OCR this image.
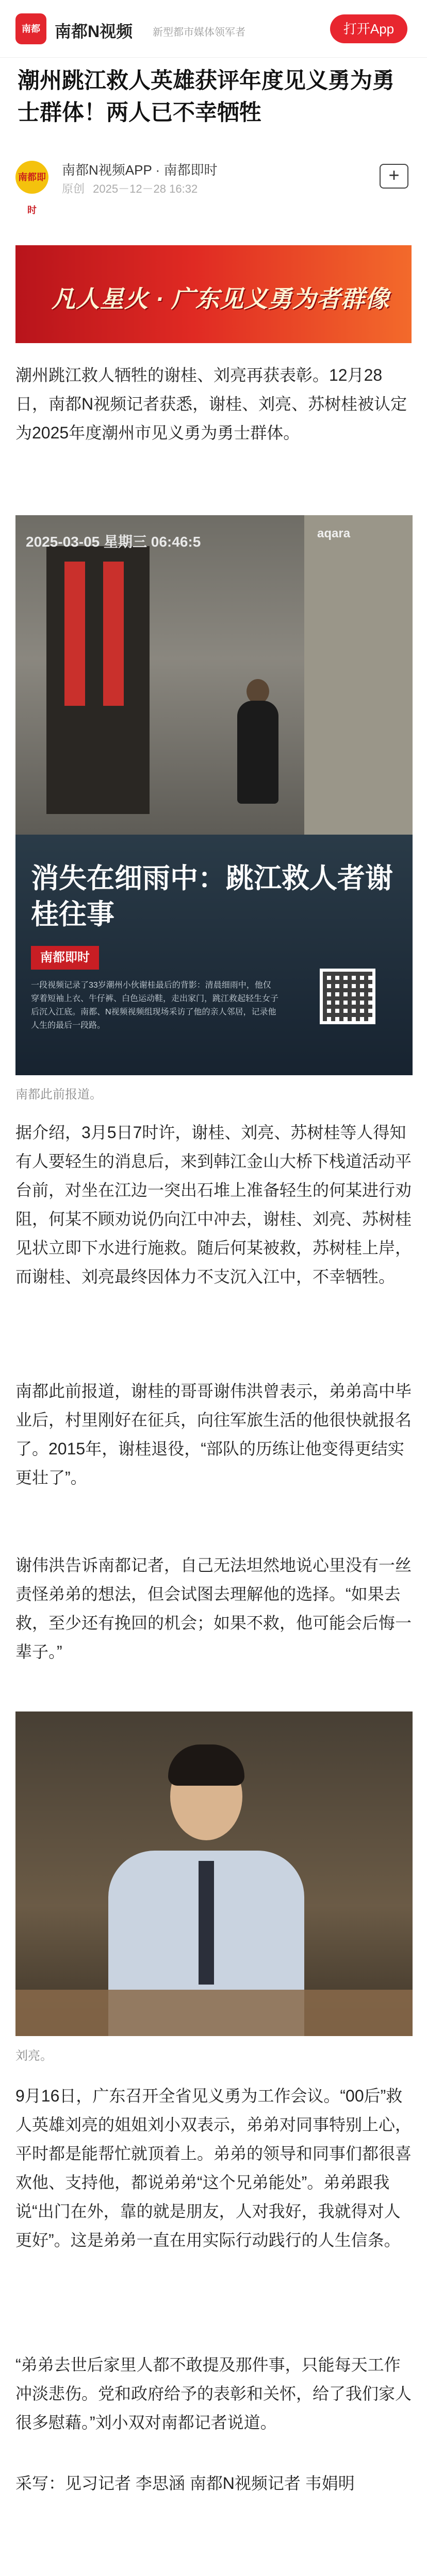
南都 南都N视频 新型都市媒体领军者	打开App
潮州跳江救人英雄获评年度见义勇为勇士群体！两人已不幸牺牲
南都即时
南都N视频APP · 南都即时
原创 2025－12－28 16:32
+
凡人星火 · 广东见义勇为者群像

潮州跳江救人牺牲的谢桂、刘亮再获表彰。12月28日，南都N视频记者获悉，谢桂、刘亮、苏树桂被认定为2025年度潮州市见义勇为勇士群体。

2025-03-05 星期三 06:46:5
aqara
消失在细雨中：跳江救人者谢桂往事
南都即时

一段视频记录了33岁潮州小伙谢桂最后的背影：清晨细雨中，他仅穿着短袖上衣、牛仔裤、白色运动鞋，走出家门，跳江救起轻生女子后沉入江底。南都、N视频视频组现场采访了他的亲人邻居，记录他人生的最后一段路。

南都此前报道。

据介绍，3月5日7时许，谢桂、刘亮、苏树桂等人得知有人要轻生的消息后，来到韩江金山大桥下栈道活动平台前，对坐在江边一突出石堆上准备轻生的何某进行劝阻，何某不顾劝说仍向江中冲去，谢桂、刘亮、苏树桂见状立即下水进行施救。随后何某被救，苏树桂上岸，而谢桂、刘亮最终因体力不支沉入江中，不幸牺牲。

南都此前报道，谢桂的哥哥谢伟洪曾表示，弟弟高中毕业后，村里刚好在征兵，向往军旅生活的他很快就报名了。2015年，谢桂退役，“部队的历练让他变得更结实更壮了”。

谢伟洪告诉南都记者，自己无法坦然地说心里没有一丝责怪弟弟的想法，但会试图去理解他的选择。“如果去救，至少还有挽回的机会；如果不救，他可能会后悔一辈子。”

刘亮。

9月16日，广东召开全省见义勇为工作会议。“00后”救人英雄刘亮的姐姐刘小双表示，弟弟对同事特别上心，平时都是能帮忙就顶着上。弟弟的领导和同事们都很喜欢他、支持他，都说弟弟“这个兄弟能处”。弟弟跟我说“出门在外，靠的就是朋友，人对我好，我就得对人更好”。这是弟弟一直在用实际行动践行的人生信条。

“弟弟去世后家里人都不敢提及那件事，只能每天工作冲淡悲伤。党和政府给予的表彰和关怀，给了我们家人很多慰藉。”刘小双对南都记者说道。

采写：见习记者 李思涵 南都N视频记者 韦娟明
